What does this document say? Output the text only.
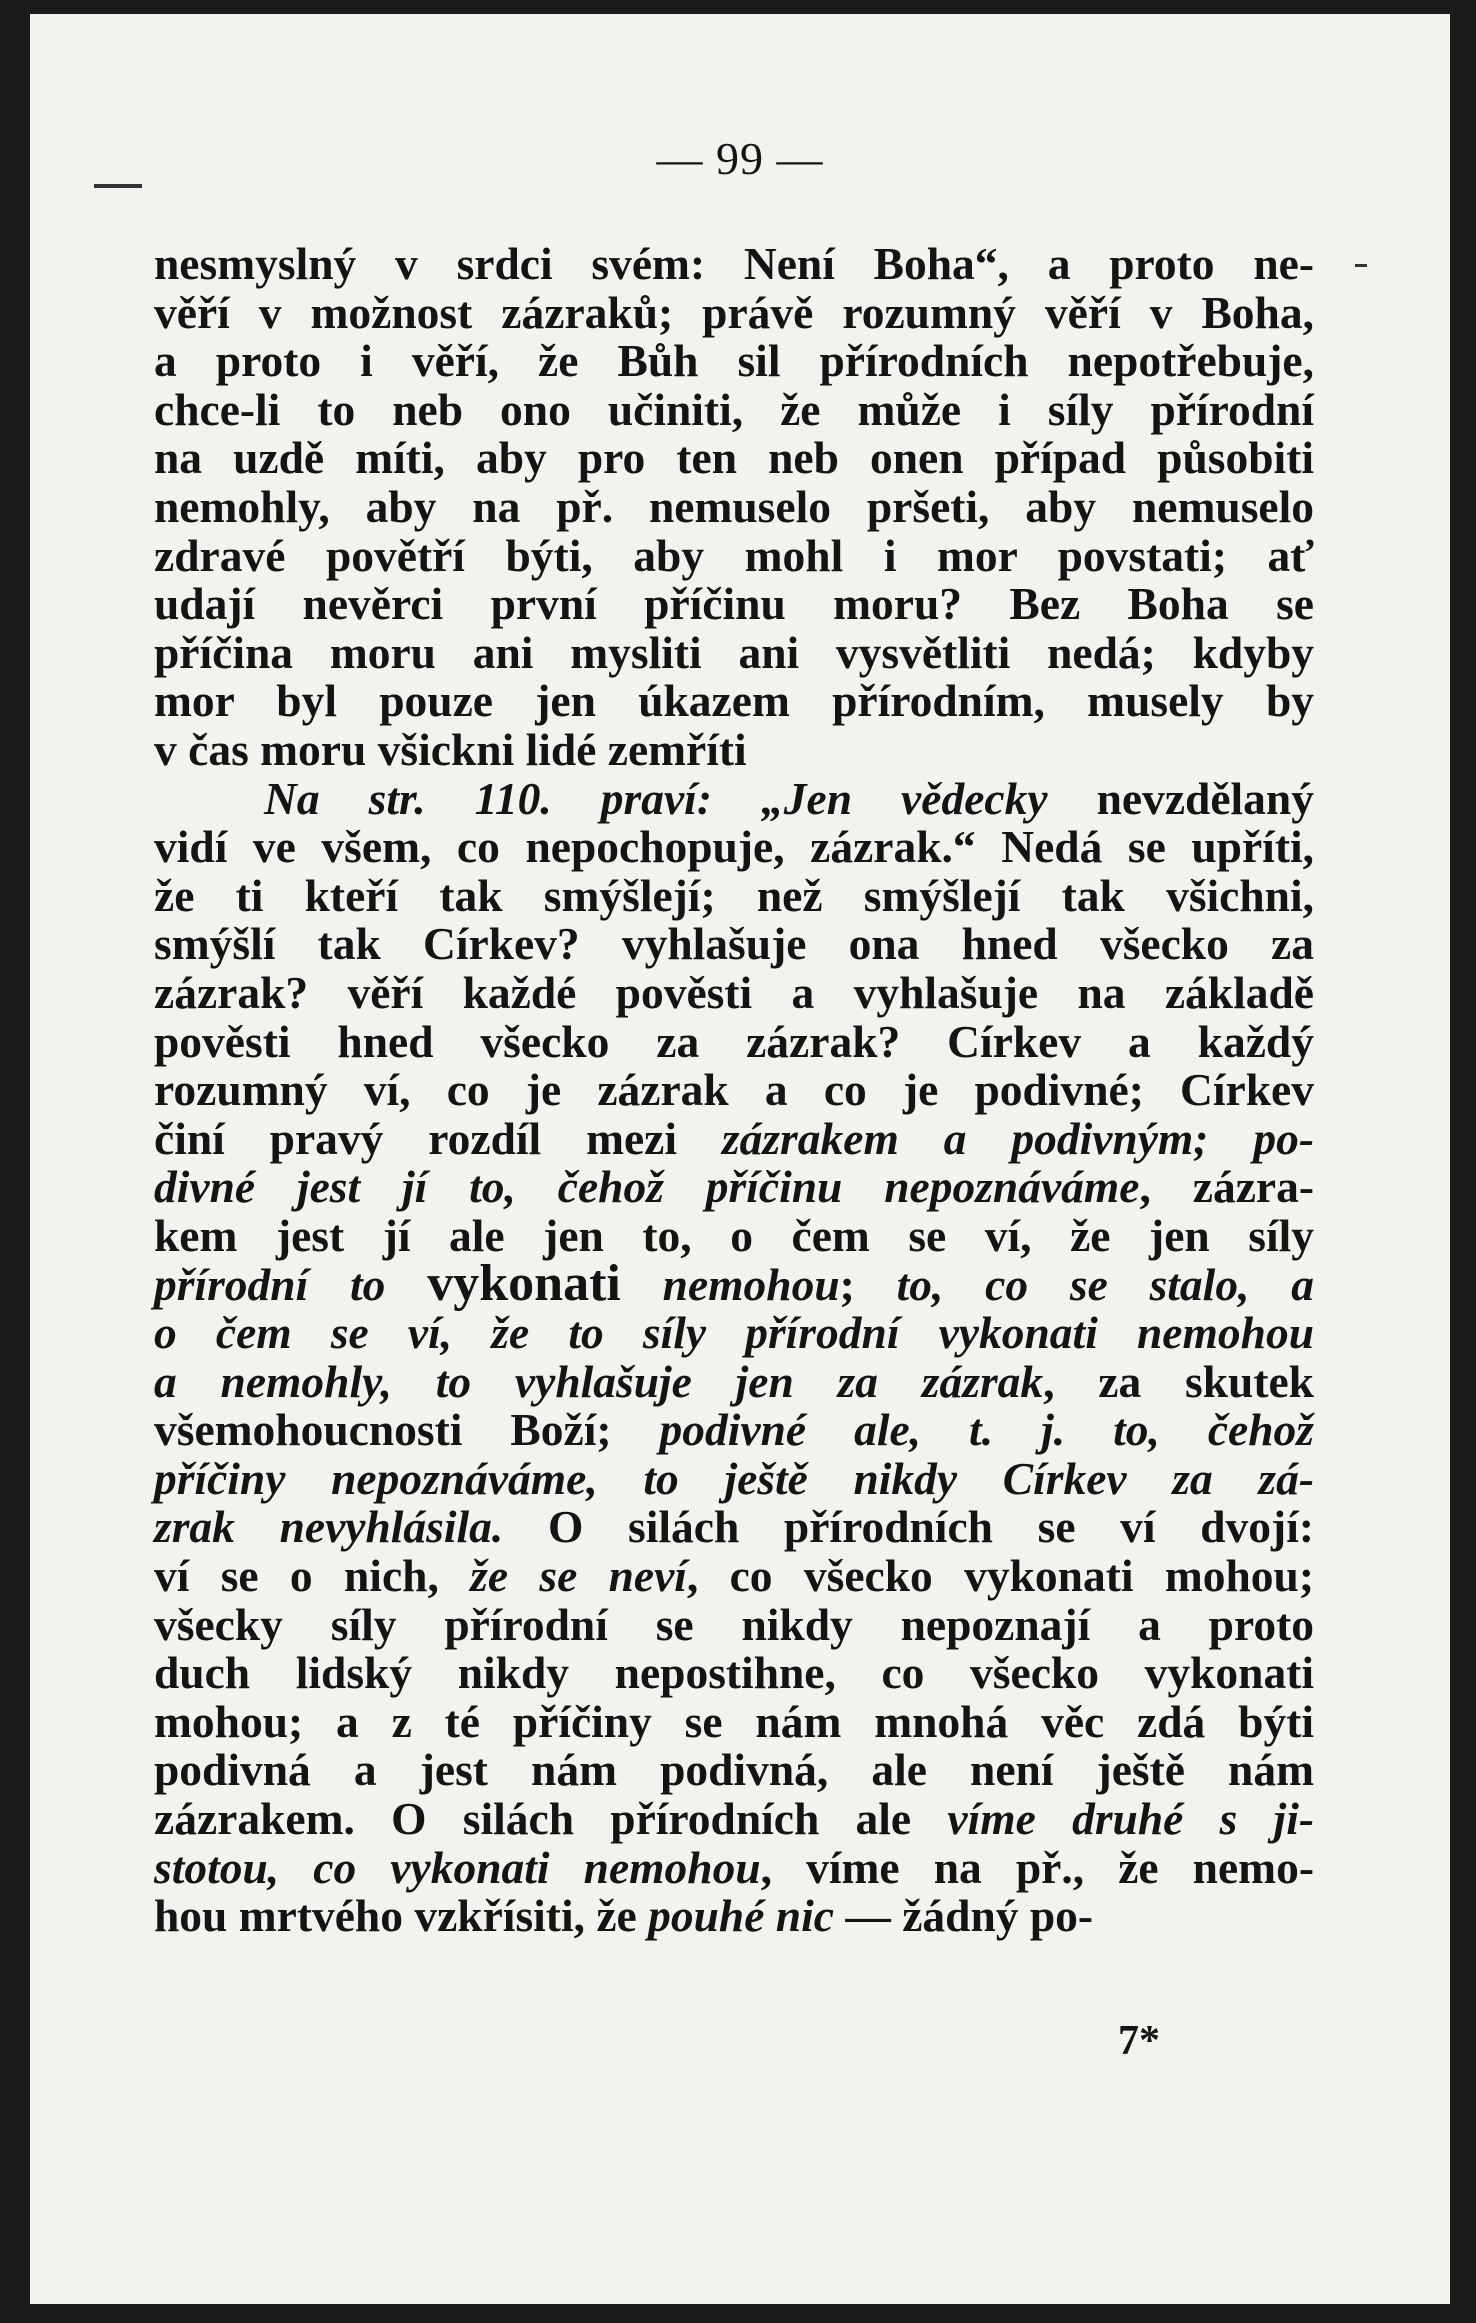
— 99 —
nesmyslný v srdci svém: Není Boha“, a proto ne-
věří v možnost zázraků; právě rozumný věří v Boha,
a proto i věří, že Bůh sil přírodních nepotřebuje,
chce-li to neb ono učiniti, že může i síly přírodní
na uzdě míti, aby pro ten neb onen případ působiti
nemohly, aby na př. nemuselo pršeti, aby nemuselo
zdravé povětří býti, aby mohl i mor povstati; ať
udají nevěrci první příčinu moru? Bez Boha se
příčina moru ani mysliti ani vysvětliti nedá; kdyby
mor byl pouze jen úkazem přírodním, musely by
v čas moru všickni lidé zemříti
Na str. 110. praví: „Jen vědecky nevzdělaný
vidí ve všem, co nepochopuje, zázrak.“ Nedá se upříti,
že ti kteří tak smýšlejí; než smýšlejí tak všichni,
smýšlí tak Církev? vyhlašuje ona hned všecko za
zázrak? věří každé pověsti a vyhlašuje na základě
pověsti hned všecko za zázrak? Církev a každý
rozumný ví, co je zázrak a co je podivné; Církev
činí pravý rozdíl mezi zázrakem a podivným; po-
divné jest jí to, čehož příčinu nepoznáváme, zázra-
kem jest jí ale jen to, o čem se ví, že jen síly
přírodní to vykonati nemohou; to, co se stalo, a
o čem se ví, že to síly přírodní vykonati nemohou
a nemohly, to vyhlašuje jen za zázrak, za skutek
všemohoucnosti Boží; podivné ale, t. j. to, čehož
příčiny nepoznáváme, to ještě nikdy Církev za zá-
zrak nevyhlásila. O silách přírodních se ví dvojí:
ví se o nich, že se neví, co všecko vykonati mohou;
všecky síly přírodní se nikdy nepoznají a proto
duch lidský nikdy nepostihne, co všecko vykonati
mohou; a z té příčiny se nám mnohá věc zdá býti
podivná a jest nám podivná, ale není ještě nám
zázrakem. O silách přírodních ale víme druhé s ji-
stotou, co vykonati nemohou, víme na př., že nemo-
hou mrtvého vzkřísiti, že pouhé nic — žádný po-
7*
